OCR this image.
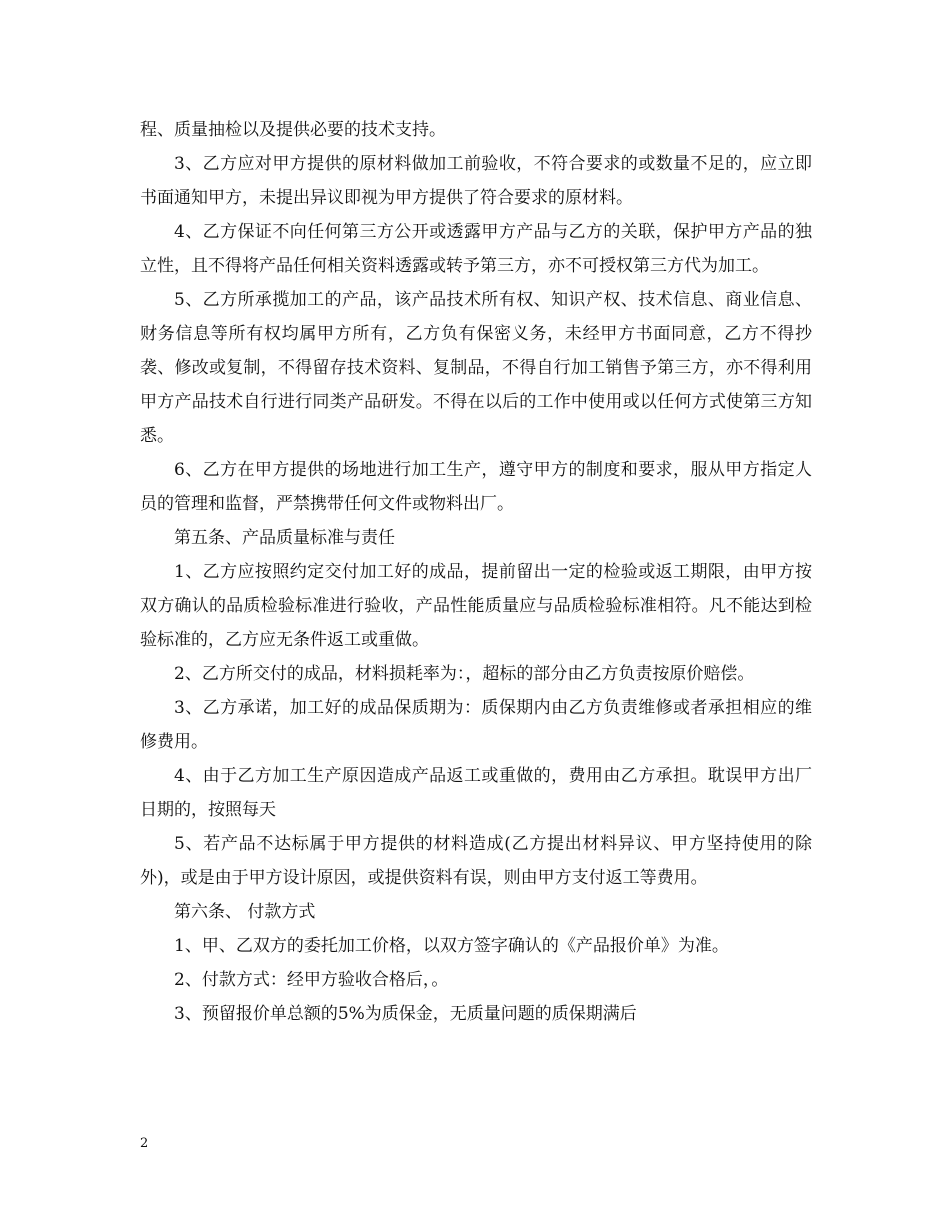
程、质量抽检以及提供必要的技术支持。

3、乙方应对甲方提供的原材料做加工前验收，不符合要求的或数量不足的，应立即书面通知甲方，未提出异议即视为甲方提供了符合要求的原材料。

4、乙方保证不向任何第三方公开或透露甲方产品与乙方的关联，保护甲方产品的独立性，且不得将产品任何相关资料透露或转予第三方，亦不可授权第三方代为加工。

5、乙方所承揽加工的产品，该产品技术所有权、知识产权、技术信息、商业信息、财务信息等所有权均属甲方所有，乙方负有保密义务，未经甲方书面同意，乙方不得抄袭、修改或复制，不得留存技术资料、复制品，不得自行加工销售予第三方，亦不得利用甲方产品技术自行进行同类产品研发。不得在以后的工作中使用或以任何方式使第三方知悉。

6、乙方在甲方提供的场地进行加工生产，遵守甲方的制度和要求，服从甲方指定人员的管理和监督，严禁携带任何文件或物料出厂。

第五条、产品质量标准与责任

1、乙方应按照约定交付加工好的成品，提前留出一定的检验或返工期限，由甲方按双方确认的品质检验标准进行验收，产品性能质量应与品质检验标准相符。凡不能达到检验标准的，乙方应无条件返工或重做。

2、乙方所交付的成品，材料损耗率为：，超标的部分由乙方负责按原价赔偿。

3、乙方承诺，加工好的成品保质期为：质保期内由乙方负责维修或者承担相应的维修费用。

4、由于乙方加工生产原因造成产品返工或重做的，费用由乙方承担。耽误甲方出厂日期的，按照每天

5、若产品不达标属于甲方提供的材料造成(乙方提出材料异议、甲方坚持使用的除外)，或是由于甲方设计原因，或提供资料有误，则由甲方支付返工等费用。

第六条、 付款方式

1、甲、乙双方的委托加工价格，以双方签字确认的《产品报价单》为准。

2、付款方式：经甲方验收合格后，。

3、预留报价单总额的5%为质保金，无质量问题的质保期满后

2
